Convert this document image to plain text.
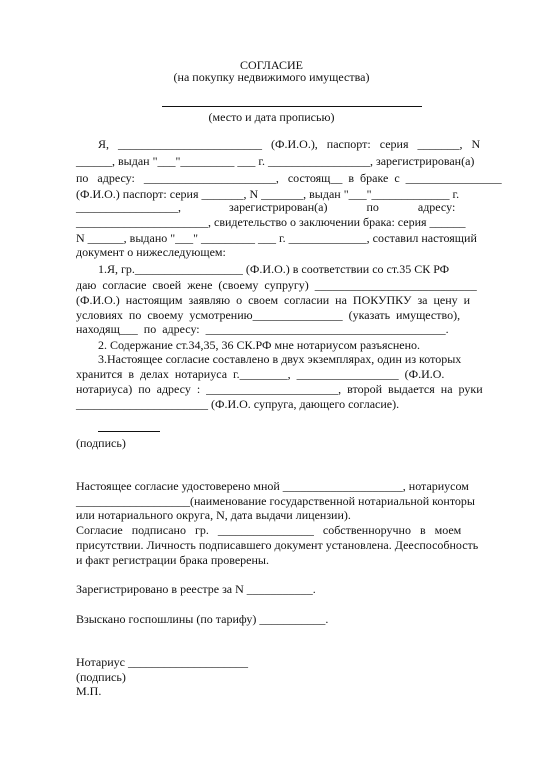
СОГЛАСИЕ
(на покупку недвижимого имущества)
(место и дата прописью)
Я,   ________________________   (Ф.И.О.),   паспорт:   серия   _______,   N
______, выдан "___"_________ ___ г. _________________, зарегистрирован(а)
по   адресу:   ______________________,   состоящ__  в  браке  с  ________________
(Ф.И.О.) паспорт: серия _______, N _______, выдан "___"_____________ г.
_________________,                зарегистрирован(а)             по             адресу:
______________________, свидетельство о заключении брака: серия ______
N ______, выдано "___" _________ ___ г. _____________, составил настоящий
документ о нижеследующем:
1.Я, гр.__________________ (Ф.И.О.) в соответствии со ст.35 СК РФ
даю  согласие  своей  жене  (своему  супругу)  ___________________________
(Ф.И.О.)  настоящим  заявляю  о  своем  согласии  на  ПОКУПКУ  за  цену  и
условиях  по  своему  усмотрению_______________  (указать  имущество),
находящ___  по  адресу:  ________________________________________.
2. Содержание ст.34,35, 36 СК.РФ мне нотариусом разъяснено.
3.Настоящее согласие составлено в двух экземплярах, один из которых
хранится  в  делах  нотариуса  г.________,  _________________  (Ф.И.О.
нотариуса)  по  адресу  :  ______________________,  второй  выдается  на  руки
______________________ (Ф.И.О. супруга, дающего согласие).
(подпись)
Настоящее согласие удостоверено мной ____________________, нотариусом
___________________(наименование государственной нотариальной конторы
или нотариального округа, N, дата выдачи лицензии).
Согласие   подписано   гр.   ________________   собственноручно   в   моем
присутствии. Личность подписавшего документ установлена. Дееспособность
и факт регистрации брака проверены.
Зарегистрировано в реестре за N ___________.
Взыскано госпошлины (по тарифу) ___________.
Нотариус ____________________
(подпись)
М.П.
